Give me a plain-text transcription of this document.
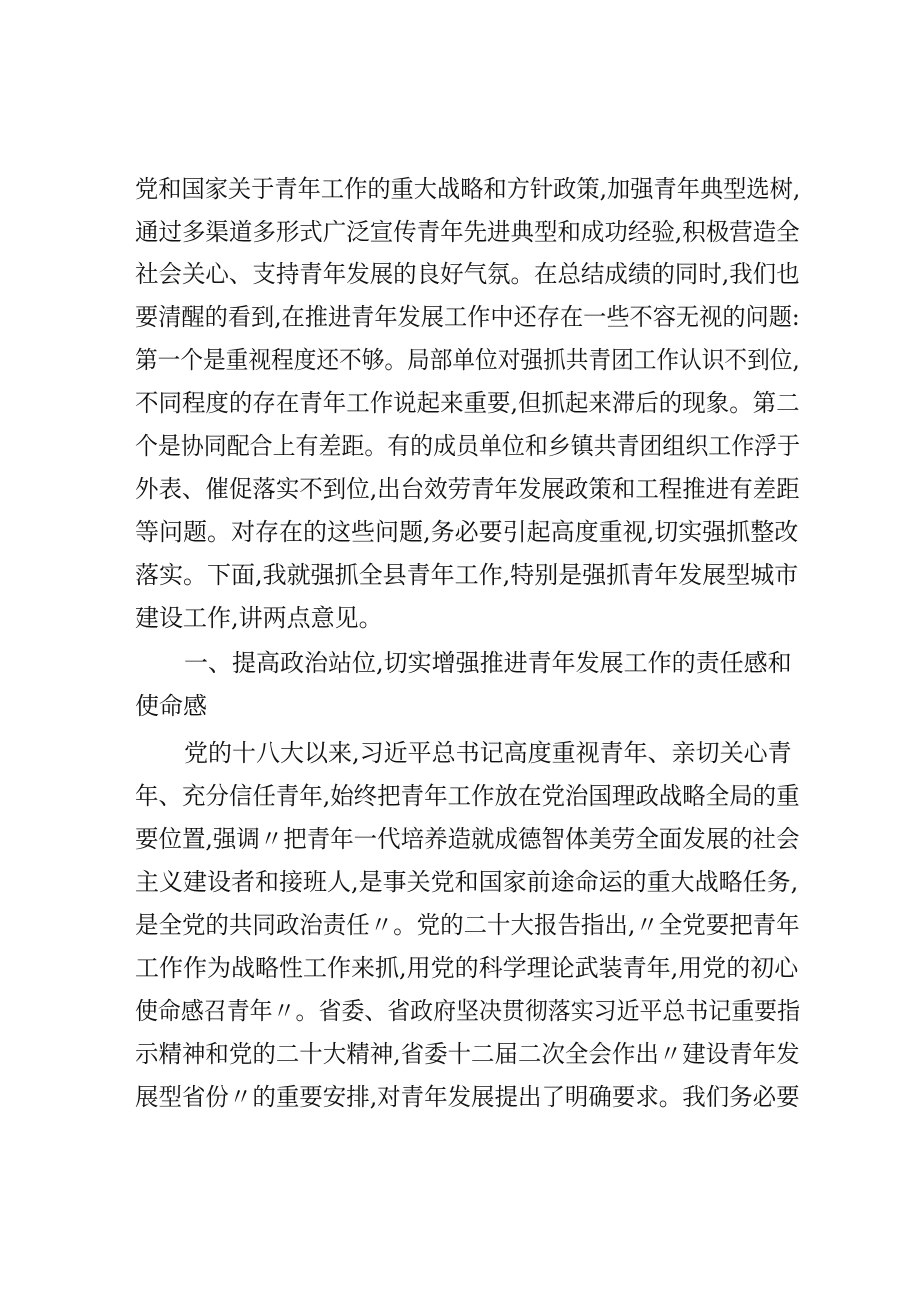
党和国家关于青年工作的重大战略和方针政策,加强青年典型选树,
通过多渠道多形式广泛宣传青年先进典型和成功经验,积极营造全
社会关心、支持青年发展的良好气氛。在总结成绩的同时,我们也
要清醒的看到,在推进青年发展工作中还存在一些不容无视的问题:
第一个是重视程度还不够。局部单位对强抓共青团工作认识不到位,
不同程度的存在青年工作说起来重要,但抓起来滞后的现象。第二
个是协同配合上有差距。有的成员单位和乡镇共青团组织工作浮于
外表、催促落实不到位,出台效劳青年发展政策和工程推进有差距
等问题。对存在的这些问题,务必要引起高度重视,切实强抓整改
落实。下面,我就强抓全县青年工作,特别是强抓青年发展型城市
建设工作,讲两点意见。
一、提高政治站位,切实增强推进青年发展工作的责任感和
使命感
党的十八大以来,习近平总书记高度重视青年、亲切关心青
年、充分信任青年,始终把青年工作放在党治国理政战略全局的重
要位置,强调〃把青年一代培养造就成德智体美劳全面发展的社会
主义建设者和接班人,是事关党和国家前途命运的重大战略任务,
是全党的共同政治责任〃。党的二十大报告指出,〃全党要把青年
工作作为战略性工作来抓,用党的科学理论武装青年,用党的初心
使命感召青年〃。省委、省政府坚决贯彻落实习近平总书记重要指
示精神和党的二十大精神,省委十二届二次全会作出〃建设青年发
展型省份〃的重要安排,对青年发展提出了明确要求。我们务必要
